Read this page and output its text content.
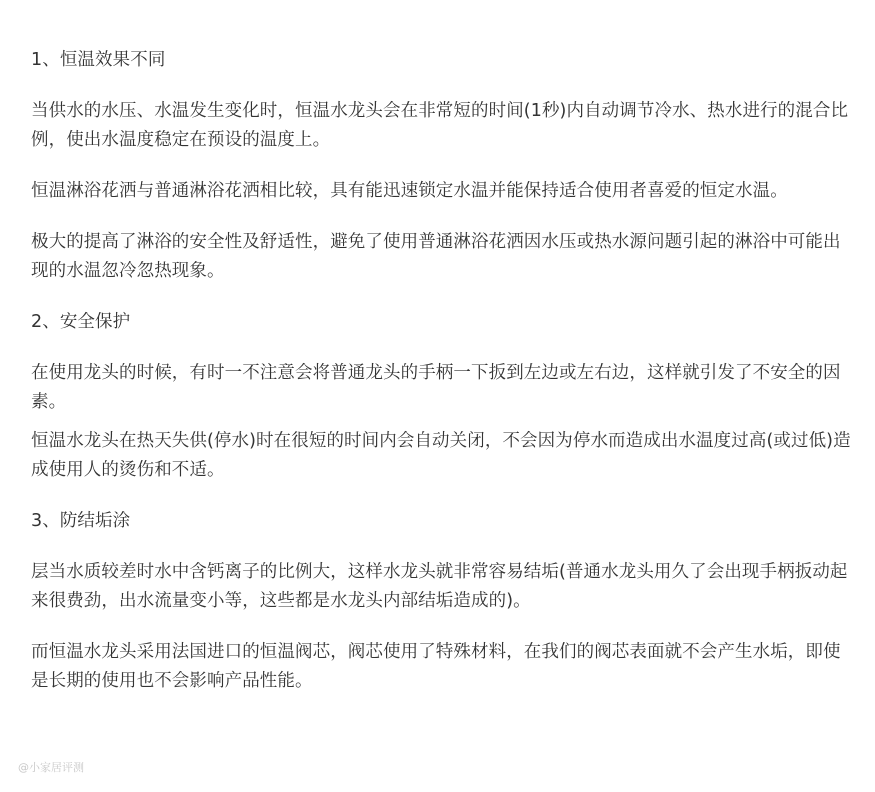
1、恒温效果不同

当供水的水压、水温发生变化时，恒温水龙头会在非常短的时间(1秒)内自动调节冷水、热水进行的混合比例，使出水温度稳定在预设的温度上。

恒温淋浴花洒与普通淋浴花洒相比较，具有能迅速锁定水温并能保持适合使用者喜爱的恒定水温。

极大的提高了淋浴的安全性及舒适性，避免了使用普通淋浴花洒因水压或热水源问题引起的淋浴中可能出现的水温忽冷忽热现象。

2、安全保护

在使用龙头的时候，有时一不注意会将普通龙头的手柄一下扳到左边或左右边，这样就引发了不安全的因素。

恒温水龙头在热天失供(停水)时在很短的时间内会自动关闭，不会因为停水而造成出水温度过高(或过低)造成使用人的烫伤和不适。

3、防结垢涂

层当水质较差时水中含钙离子的比例大，这样水龙头就非常容易结垢(普通水龙头用久了会出现手柄扳动起来很费劲，出水流量变小等，这些都是水龙头内部结垢造成的)。

而恒温水龙头采用法国进口的恒温阀芯，阀芯使用了特殊材料，在我们的阀芯表面就不会产生水垢，即使是长期的使用也不会影响产品性能。

@小家居评测
